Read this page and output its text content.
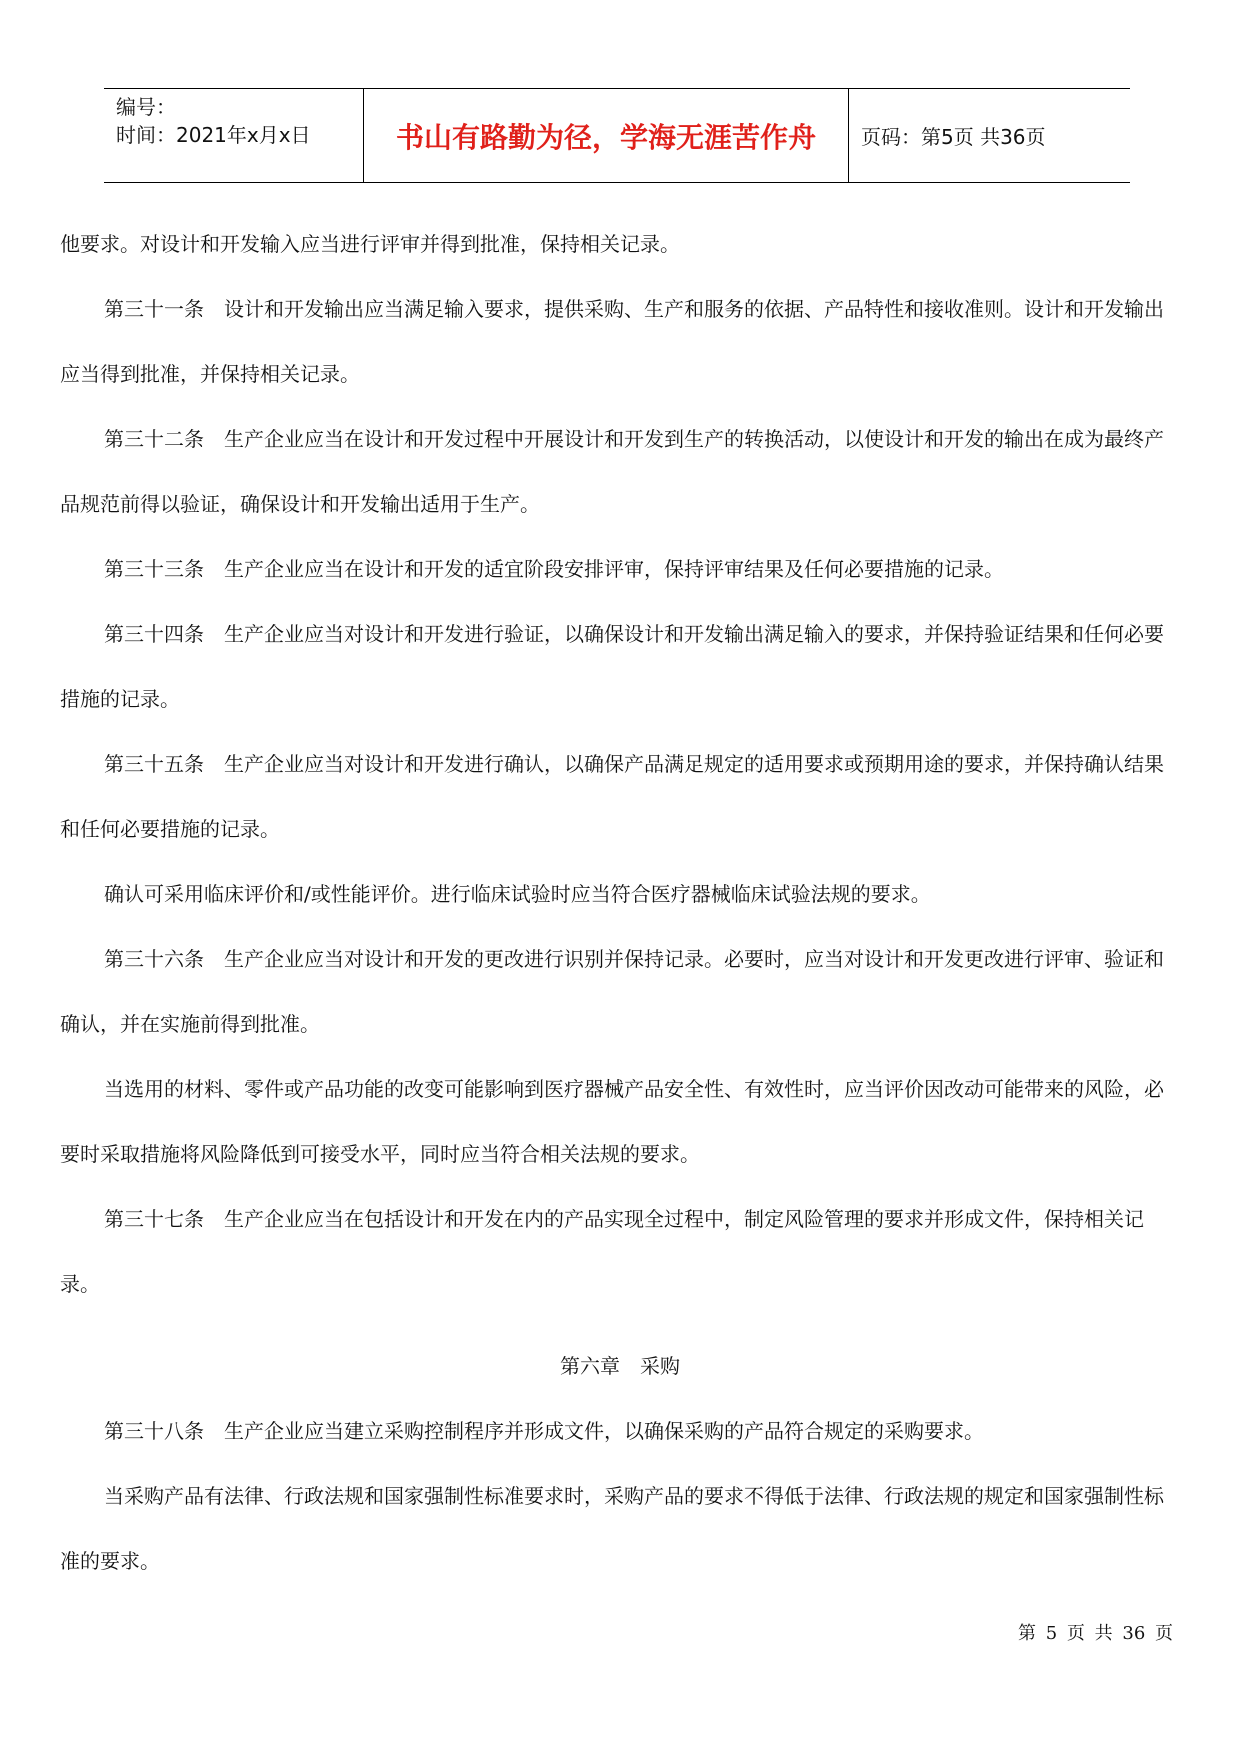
编号：
时间：2021年x月x日	书山有路勤为径，学海无涯苦作舟	页码：第5页 共36页

他要求。对设计和开发输入应当进行评审并得到批准，保持相关记录。

第三十一条　设计和开发输出应当满足输入要求，提供采购、生产和服务的依据、产品特性和接收准则。设计和开发输出应当得到批准，并保持相关记录。

第三十二条　生产企业应当在设计和开发过程中开展设计和开发到生产的转换活动，以使设计和开发的输出在成为最终产品规范前得以验证，确保设计和开发输出适用于生产。

第三十三条　生产企业应当在设计和开发的适宜阶段安排评审，保持评审结果及任何必要措施的记录。

第三十四条　生产企业应当对设计和开发进行验证，以确保设计和开发输出满足输入的要求，并保持验证结果和任何必要措施的记录。

第三十五条　生产企业应当对设计和开发进行确认，以确保产品满足规定的适用要求或预期用途的要求，并保持确认结果和任何必要措施的记录。

确认可采用临床评价和/或性能评价。进行临床试验时应当符合医疗器械临床试验法规的要求。

第三十六条　生产企业应当对设计和开发的更改进行识别并保持记录。必要时，应当对设计和开发更改进行评审、验证和确认，并在实施前得到批准。

当选用的材料、零件或产品功能的改变可能影响到医疗器械产品安全性、有效性时，应当评价因改动可能带来的风险，必要时采取措施将风险降低到可接受水平，同时应当符合相关法规的要求。

第三十七条　生产企业应当在包括设计和开发在内的产品实现全过程中，制定风险管理的要求并形成文件，保持相关记录。

第六章　采购

第三十八条　生产企业应当建立采购控制程序并形成文件，以确保采购的产品符合规定的采购要求。

当采购产品有法律、行政法规和国家强制性标准要求时，采购产品的要求不得低于法律、行政法规的规定和国家强制性标准的要求。

第 5 页 共 36 页
